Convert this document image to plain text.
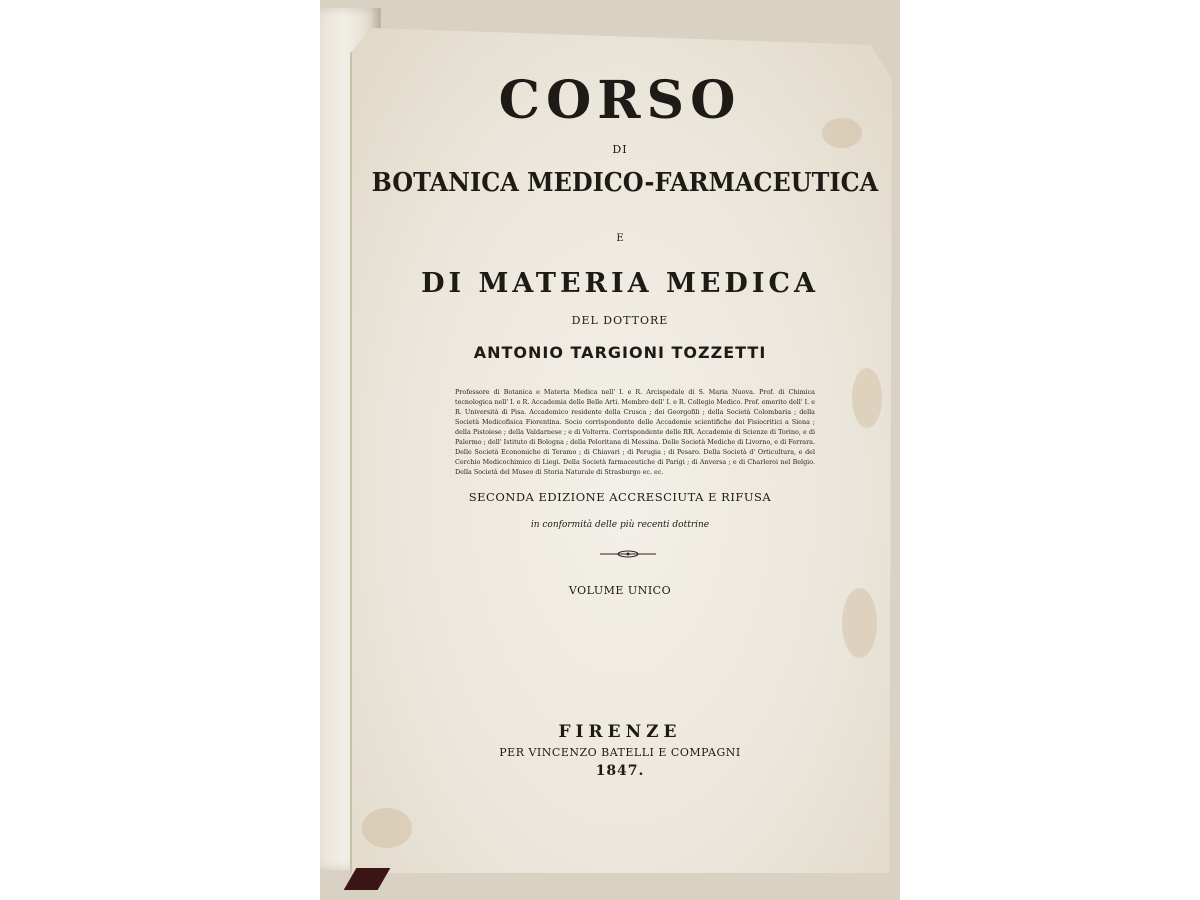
CORSO
DI
BOTANICA MEDICO-FARMACEUTICA
E
DI MATERIA MEDICA
DEL DOTTORE
ANTONIO TARGIONI TOZZETTI
Professore di Botanica e Materia Medica nell' I. e R. Arcispedale di S. Maria Nuova. Prof. di Chimica tecnologica nell' I. e R. Accademia delle Belle Arti. Membro dell' I. e R. Collegio Medico. Prof. emerito dell' I. e R. Università di Pisa. Accademico residente della Crusca ; dei Georgofili ; della Società Colombaria ; della Società Medicofisica Fiorentina. Socio corrispondente delle Accademie scientifiche dei Fisiocritici a Siena ; della Pistoiese ; della Valdarnese ; e di Volterra. Corrispondente delle RR. Accademie di Scienze di Torino, e di Palermo ; dell' Istituto di Bologna ; della Peloritana di Messina. Delle Società Mediche di Livorno, e di Ferrara. Delle Società Economiche di Teramo ; di Chiavari ; di Perugia ; di Pesaro. Della Società d' Orticultura, e del Cerchio Medicochimico di Liegi. Della Società farmaceutiche di Parigi ; di Anversa ; e di Charleroi nel Belgio. Della Società del Museo di Storia Naturale di Strasburgo ec. ec.
SECONDA EDIZIONE ACCRESCIUTA E RIFUSA
in conformità delle più recenti dottrine
VOLUME UNICO
FIRENZE
PER VINCENZO BATELLI E COMPAGNI
1847.
